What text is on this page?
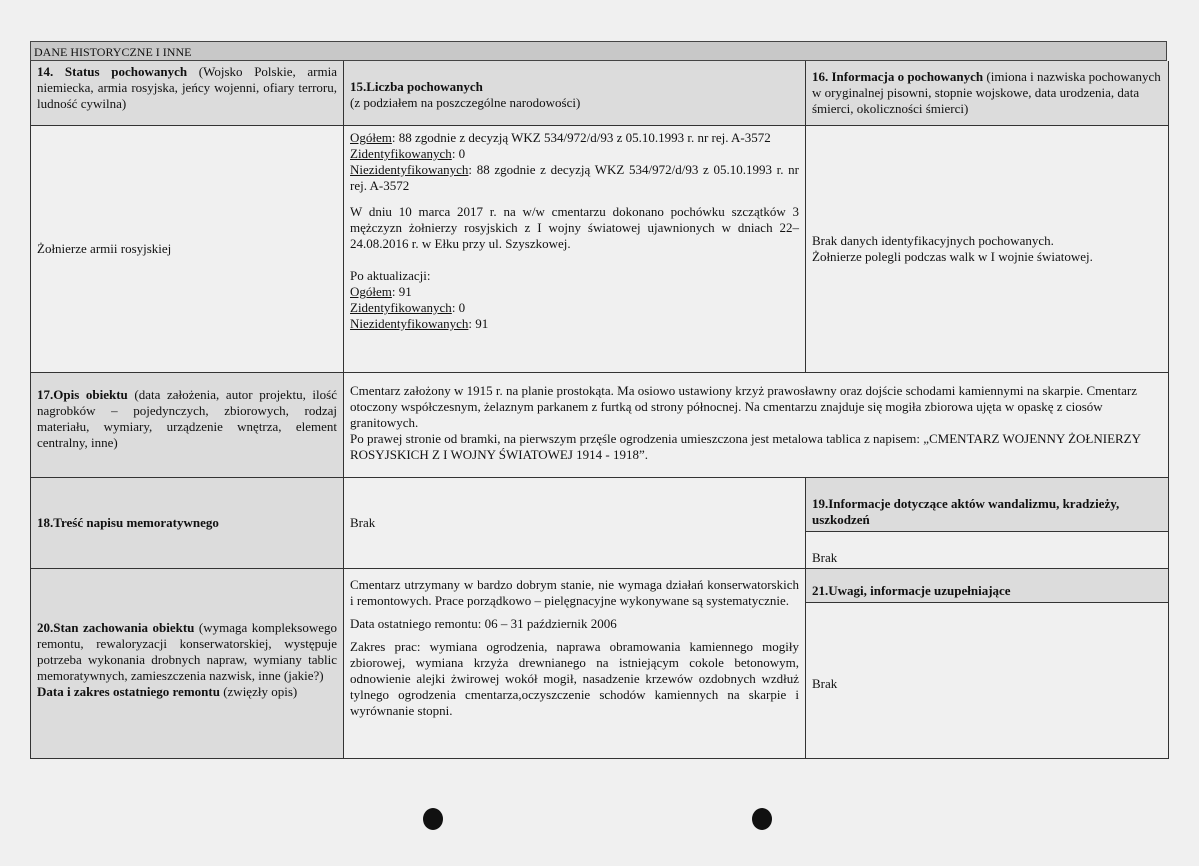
DANE HISTORYCZNE I INNE
14. Status pochowanych (Wojsko Polskie, armia niemiecka, armia rosyjska, jeńcy wojenni, ofiary terroru, ludność cywilna)
15.Liczba pochowanych
(z podziałem na poszczególne narodowości)
16. Informacja o pochowanych (imiona i nazwiska pochowanych w oryginalnej pisowni, stopnie wojskowe, data urodzenia, data śmierci, okoliczności śmierci)
Żołnierze armii rosyjskiej
Ogółem: 88 zgodnie z decyzją WKZ 534/972/d/93 z 05.10.1993 r. nr rej. A-3572
Zidentyfikowanych: 0
Niezidentyfikowanych: 88 zgodnie z decyzją WKZ 534/972/d/93 z 05.10.1993 r. nr rej. A-3572
W dniu 10 marca 2017 r. na w/w cmentarzu dokonano pochówku szczątków 3 mężczyzn żołnierzy rosyjskich z I wojny światowej ujawnionych w dniach 22–24.08.2016 r. w Ełku przy ul. Szyszkowej.
Po aktualizacji:
Ogółem: 91
Zidentyfikowanych: 0
Niezidentyfikowanych: 91
Brak danych identyfikacyjnych pochowanych.
Żołnierze polegli podczas walk w I wojnie światowej.
17.Opis obiektu (data założenia, autor projektu, ilość nagrobków – pojedynczych, zbiorowych, rodzaj materiału, wymiary, urządzenie wnętrza, element centralny, inne)
Cmentarz założony w 1915 r. na planie prostokąta. Ma osiowo ustawiony krzyż prawosławny oraz dojście schodami kamiennymi na skarpie. Cmentarz otoczony współczesnym, żelaznym parkanem z furtką od strony północnej. Na cmentarzu znajduje się mogiła zbiorowa ujęta w opaskę z ciosów granitowych.
Po prawej stronie od bramki, na pierwszym przęśle ogrodzenia umieszczona jest metalowa tablica z napisem: „CMENTARZ WOJENNY ŻOŁNIERZY ROSYJSKICH Z I WOJNY ŚWIATOWEJ 1914 - 1918”.
18.Treść napisu memoratywnego	Brak
19.Informacje dotyczące aktów wandalizmu, kradzieży, uszkodzeń
Brak
20.Stan zachowania obiektu (wymaga kompleksowego remontu, rewaloryzacji konserwatorskiej, występuje potrzeba wykonania drobnych napraw, wymiany tablic memoratywnych, zamieszczenia nazwisk, inne (jakie?)
Data i zakres ostatniego remontu (zwięzły opis)
Cmentarz utrzymany w bardzo dobrym stanie, nie wymaga działań konserwatorskich i remontowych. Prace porządkowo – pielęgnacyjne wykonywane są systematycznie.
Data ostatniego remontu: 06 – 31 październik 2006
Zakres prac: wymiana ogrodzenia, naprawa obramowania kamiennego mogiły zbiorowej, wymiana krzyża drewnianego na istniejącym cokole betonowym, odnowienie alejki żwirowej wokół mogił, nasadzenie krzewów ozdobnych wzdłuż tylnego ogrodzenia cmentarza,oczyszczenie schodów kamiennych na skarpie i wyrównanie stopni.
21.Uwagi, informacje uzupełniające
Brak
